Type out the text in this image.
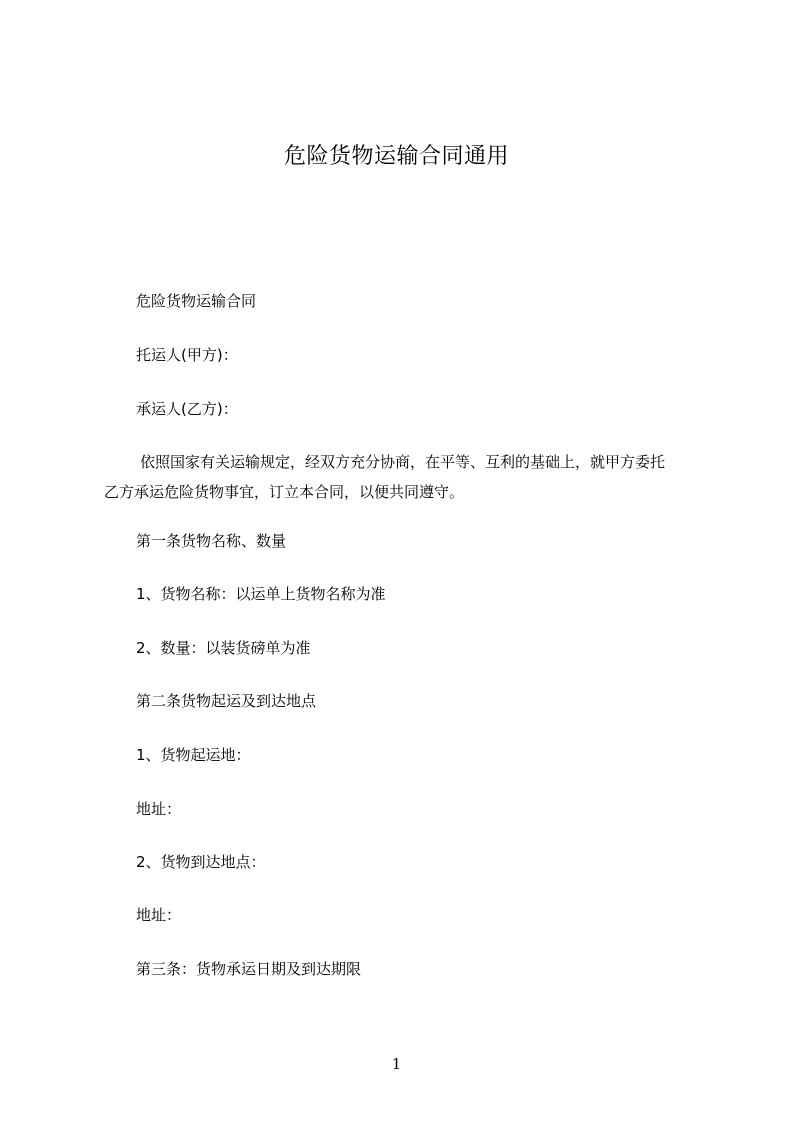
危险货物运输合同通用
危险货物运输合同
托运人(甲方)：
承运人(乙方)：
依照国家有关运输规定，经双方充分协商，在平等、互利的基础上，就甲方委托
乙方承运危险货物事宜，订立本合同，以便共同遵守。
第一条货物名称、数量
1、货物名称：以运单上货物名称为准
2、数量：以装货磅单为准
第二条货物起运及到达地点
1、货物起运地：
地址：
2、货物到达地点：
地址：
第三条：货物承运日期及到达期限
1
